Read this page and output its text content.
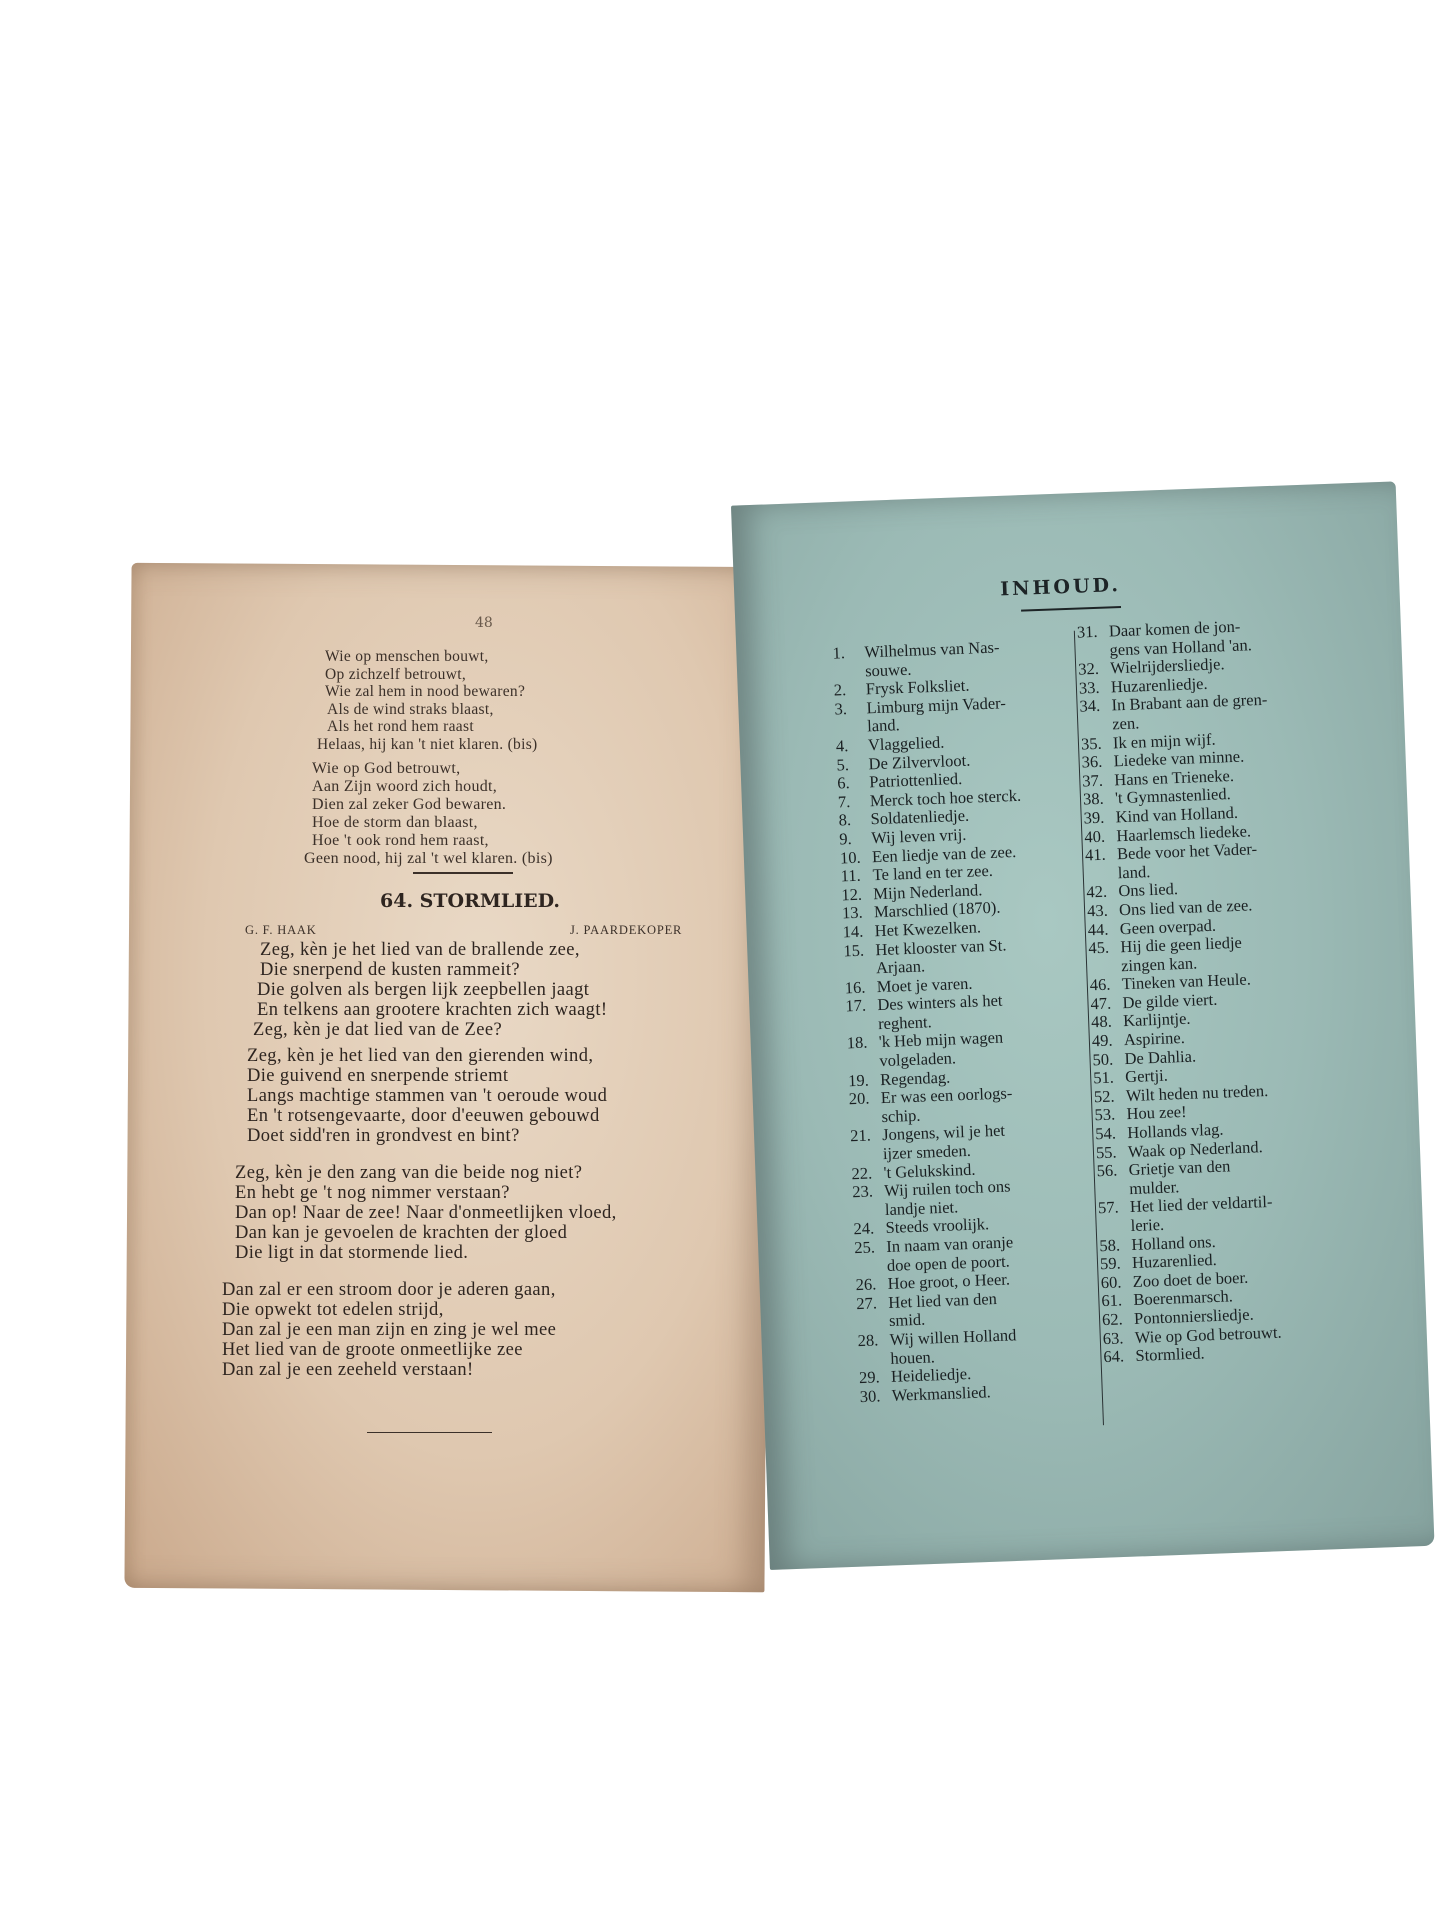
48
Wie op menschen bouwt,
Op zichzelf betrouwt,
Wie zal hem in nood bewaren?
Als de wind straks blaast,
Als het rond hem raast
Helaas, hij kan 't niet klaren. (bis)
Wie op God betrouwt,
Aan Zijn woord zich houdt,
Dien zal zeker God bewaren.
Hoe de storm dan blaast,
Hoe 't ook rond hem raast,
Geen nood, hij zal 't wel klaren. (bis)
64. STORMLIED.
G. F. HAAK	J. PAARDEKOPER
Zeg, kèn je het lied van de brallende zee,
Die snerpend de kusten rammeit?
Die golven als bergen lijk zeepbellen jaagt
En telkens aan grootere krachten zich waagt!
Zeg, kèn je dat lied van de Zee?
Zeg, kèn je het lied van den gierenden wind,
Die guivend en snerpende striemt
Langs machtige stammen van 't oeroude woud
En 't rotsengevaarte, door d'eeuwen gebouwd
Doet sidd'ren in grondvest en bint?
Zeg, kèn je den zang van die beide nog niet?
En hebt ge 't nog nimmer verstaan?
Dan op! Naar de zee! Naar d'onmeetlijken vloed,
Dan kan je gevoelen de krachten der gloed
Die ligt in dat stormende lied.
Dan zal er een stroom door je aderen gaan,
Die opwekt tot edelen strijd,
Dan zal je een man zijn en zing je wel mee
Het lied van de groote onmeetlijke zee
Dan zal je een zeeheld verstaan!
INHOUD.
1.	Wilhelmus van Nas-
souwe.
2.	Frysk Folksliet.
3.	Limburg mijn Vader-
land.
4.	Vlaggelied.
5.	De Zilvervloot.
6.	Patriottenlied.
7.	Merck toch hoe sterck.
8.	Soldatenliedje.
9.	Wij leven vrij.
10. Een liedje van de zee.
11. Te land en ter zee.
12. Mijn Nederland.
13. Marschlied (1870).
14. Het Kwezelken.
15. Het klooster van St.
Arjaan.
16. Moet je varen.
17. Des winters als het
reghent.
18. 'k Heb mijn wagen
volgeladen.
19. Regendag.
20. Er was een oorlogs-
schip.
21. Jongens, wil je het
ijzer smeden.
22. 't Gelukskind.
23. Wij ruilen toch ons
landje niet.
24. Steeds vroolijk.
25. In naam van oranje
doe open de poort.
26. Hoe groot, o Heer.
27. Het lied van den
smid.
28. Wij willen Holland
houen.
29. Heideliedje.
30. Werkmanslied.
31. Daar komen de jon-
gens van Holland 'an.
32. Wielrijdersliedje.
33. Huzarenliedje.
34. In Brabant aan de gren-
zen.
35. Ik en mijn wijf.
36. Liedeke van minne.
37. Hans en Trieneke.
38. 't Gymnastenlied.
39. Kind van Holland.
40. Haarlemsch liedeke.
41. Bede voor het Vader-
land.
42. Ons lied.
43. Ons lied van de zee.
44. Geen overpad.
45. Hij die geen liedje
zingen kan.
46. Tineken van Heule.
47. De gilde viert.
48. Karlijntje.
49. Aspirine.
50. De Dahlia.
51. Gertji.
52. Wilt heden nu treden.
53. Hou zee!
54. Hollands vlag.
55. Waak op Nederland.
56. Grietje van den
mulder.
57. Het lied der veldartil-
lerie.
58. Holland ons.
59. Huzarenlied.
60. Zoo doet de boer.
61. Boerenmarsch.
62. Pontonniersliedje.
63. Wie op God betrouwt.
64. Stormlied.
